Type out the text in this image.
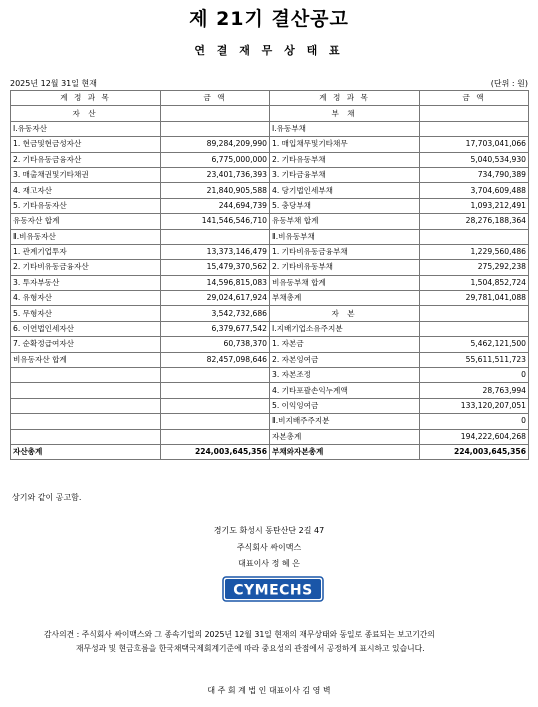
제 21기 결산공고
연 결 재 무 상 태 표
2025년 12월 31일 현재	(단위 : 원)
계 정 과 목	금 액	계 정 과 목	금 액
자 산		부 채	
Ⅰ.유동자산		Ⅰ.유동부채	
1. 현금및현금성자산	89,284,209,990	1. 매입채무및기타채무	17,703,041,066
2. 기타유동금융자산	6,775,000,000	2. 기타유동부채	5,040,534,930
3. 매출채권및기타채권	23,401,736,393	3. 기타금융부채	734,790,389
4. 재고자산	21,840,905,588	4. 당기법인세부채	3,704,609,488
5. 기타유동자산	244,694,739	5. 충당부채	1,093,212,491
유동자산 합계	141,546,546,710	유동부채 합계	28,276,188,364
Ⅱ.비유동자산		Ⅱ.비유동부채	
1. 관계기업투자	13,373,146,479	1. 기타비유동금융부채	1,229,560,486
2. 기타비유동금융자산	15,479,370,562	2. 기타비유동부채	275,292,238
3. 투자부동산	14,596,815,083	비유동부채 합계	1,504,852,724
4. 유형자산	29,024,617,924	부채총계	29,781,041,088
5. 무형자산	3,542,732,686	자 본	
6. 이연법인세자산	6,379,677,542	Ⅰ.지배기업소유주지분	
7. 순확정급여자산	60,738,370	1. 자본금	5,462,121,500
비유동자산 합계	82,457,098,646	2. 자본잉여금	55,611,511,723
		3. 자본조정	0
		4. 기타포괄손익누계액	28,763,994
		5. 이익잉여금	133,120,207,051
		Ⅱ.비지배주주지분	0
		자본총계	194,222,604,268
자산총계	224,003,645,356	부채와자본총계	224,003,645,356
상기와 같이 공고함.
경기도 화성시 동탄산단 2길 47
주식회사 싸이맥스
대표이사 정 혜 은
CYMECHS
감사의견 : 주식회사 싸이맥스와 그 종속기업의 2025년 12월 31일 현재의 재무상태와 동일로 종료되는 보고기간의
재무성과 및 현금흐름을 한국채택국제회계기준에 따라 중요성의 관점에서 공정하게 표시하고 있습니다.
대 주 회 계 법 인 대표이사 김 영 벽
